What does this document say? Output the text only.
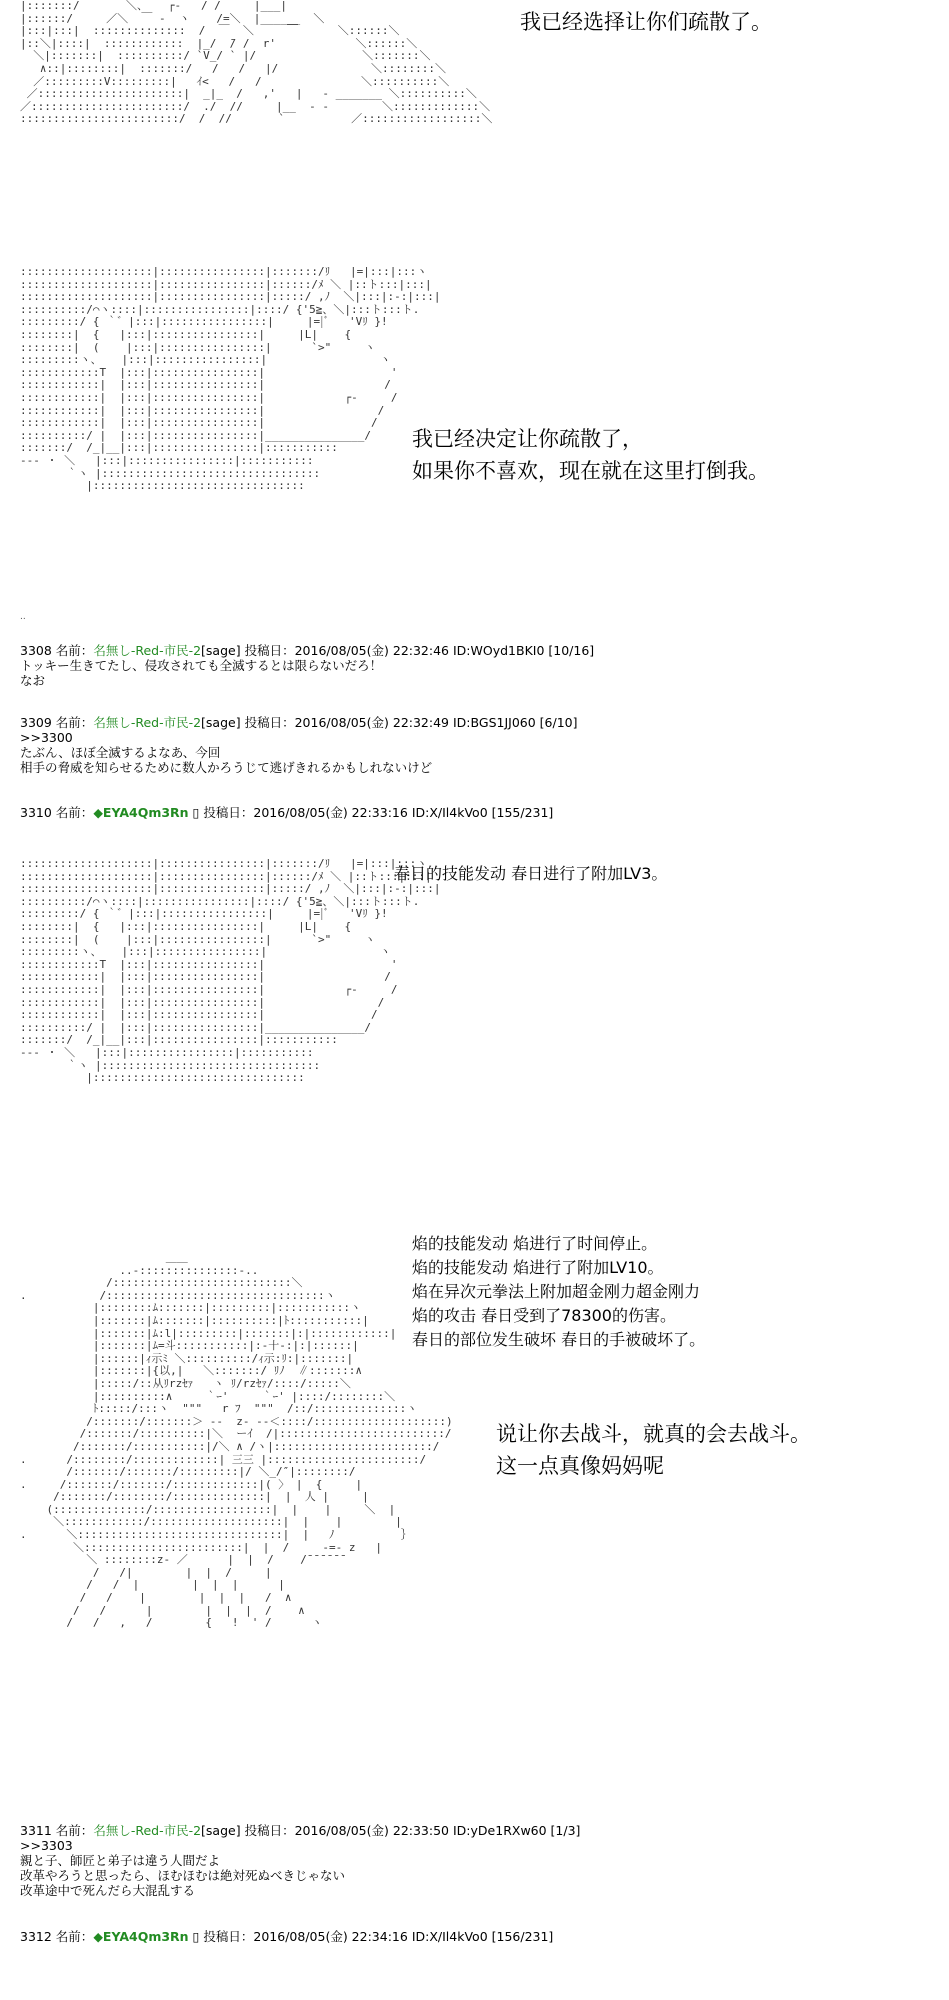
|:::::::/       ＼、   ┌‐   / /     |___|
|::::::/     ／＼  ￣ -  ヽ    /=＼  |______  ＼
|:::|:::|  ::::::::::::::  /  ￣  ＼     ￣      ＼::::::＼
|::＼|::::|  ::::::::::::  |_/  ̄/ /  r'            ＼::::::＼
＼|:::::::|  ::::::::::/ `V_/ ` |/                ＼:::::::＼
∧::|::::::::|  :::::::/   /   /   |/              ＼::::::::＼
／:::::::::V:::::::::|   ｲ<   /   /               ＼::::::::::＼
／::::::::::::::::::::::|  _|_  /   ,'   |   ‐ _______ ＼::::::::::＼
／:::::::::::::::::::::::/  ./  //     |__  ‐ ‐        ＼:::::::::::::＼
::::::::::::::::::::::::/  /  //       `          ／::::::::::::::::::＼
我已经选择让你们疏散了。
::::::::::::::::::::|::::::::::::::::|:::::::/ﾘ   |=|:::|:::ヽ
::::::::::::::::::::|::::::::::::::::|::::::/ﾒ ＼ |::ト:::|:::|
::::::::::::::::::::|::::::::::::::::|:::::/ ,ﾉ  ＼|:::|:-:|:::|
::::::::::/⌒ヽ::::|::::::::::::::::|::::/ {'5≧、＼|:::ト:::ト.
:::::::::/ { ｀゛|:::|::::::::::::::::|     |=|ﾞ   'Vﾘ }!
::::::::|  {   |:::|::::::::::::::::|     |L|    {
::::::::|  (    |:::|::::::::::::::::|      `>"     ヽ
:::::::::ヽ、   |:::|::::::::::::::::|                 ヽ
::::::::::::T  |:::|::::::::::::::::|                   '
::::::::::::|  |:::|::::::::::::::::|                  /
::::::::::::|  |:::|::::::::::::::::|            ┌-     /
::::::::::::|  |:::|::::::::::::::::|                 /
::::::::::::|  |:::|::::::::::::::::|                /
::::::::::/ |  |:::|::::::::::::::::|_______________/
:::::::/  /_|__|:::|::::::::::::::::|:::::::::::
‐‐‐ ・ ＼   |:::|::::::::::::::::|:::::::::::
｀ヽ |:::::::::::::::::::::::::::::::::
|::::::::::::::::::::::::::::::::
我已经决定让你疏散了，
如果你不喜欢，现在就在这里打倒我。
..
3308 名前：名無し-Red-市民-2[sage] 投稿日：2016/08/05(金) 22:32:46 ID:WOyd1BKI0 [10/16]
トッキー生きてたし、侵攻されても全滅するとは限らないだろ！
なお
3309 名前：名無し-Red-市民-2[sage] 投稿日：2016/08/05(金) 22:32:49 ID:BGS1JJ060 [6/10]
>>3300
たぶん、ほぼ全滅するよなあ、今回
相手の脅威を知らせるために数人かろうじて逃げきれるかもしれないけど
3310 名前：◆EYA4Qm3Rn ▯ 投稿日：2016/08/05(金) 22:33:16 ID:X/Il4kVo0 [155/231]
::::::::::::::::::::|::::::::::::::::|:::::::/ﾘ   |=|:::|:::ヽ
::::::::::::::::::::|::::::::::::::::|::::::/ﾒ ＼ |::ト:::|:::|
::::::::::::::::::::|::::::::::::::::|:::::/ ,ﾉ  ＼|:::|:-:|:::|
::::::::::/⌒ヽ::::|::::::::::::::::|::::/ {'5≧、＼|:::ト:::ト.
:::::::::/ { ｀゛|:::|::::::::::::::::|     |=|ﾞ   'Vﾘ }!
::::::::|  {   |:::|::::::::::::::::|     |L|    {
::::::::|  (    |:::|::::::::::::::::|      `>"     ヽ
:::::::::ヽ、   |:::|::::::::::::::::|                 ヽ
::::::::::::T  |:::|::::::::::::::::|                   '
::::::::::::|  |:::|::::::::::::::::|                  /
::::::::::::|  |:::|::::::::::::::::|            ┌-     /
::::::::::::|  |:::|::::::::::::::::|                 /
::::::::::::|  |:::|::::::::::::::::|                /
::::::::::/ |  |:::|::::::::::::::::|_______________/
:::::::/  /_|__|:::|::::::::::::::::|:::::::::::
‐‐‐ ・ ＼   |:::|::::::::::::::::|:::::::::::
｀ヽ |:::::::::::::::::::::::::::::::::
|::::::::::::::::::::::::::::::::
春日的技能发动 春日进行了附加LV3。
＿＿
..-:::::::::::::::-..
/:::::::::::::::::::::::::::＼
.           /:::::::::::::::::::::::::::::::::ヽ
|::::::::ﾑ:::::::|:::::::::|:::::::::::ヽ
|:::::::|ﾑ:::::::|::::::::::|ﾄ:::::::::::|
|:::::::|ﾑ:l|:::::::::|:::::::|:|::::::::::::|
|:::::::|ﾑ=斗:::::::::::|:-十-:|:|::::::|
|::::::|ｨ示ﾐ ＼::::::::::/ｨ示:ﾘ:|:::::::|
|:::::::|{以,|   ＼:::::::/ ﾘﾉ  ∥:::::::∧
|:::::/::从ﾘrzｾｧ   ヽ ﾘ/rzｾｧ/::::/:::::＼
|::::::::::∧     ｀ｰ'     ｀ｰ' |::::/::::::::＼
ﾄ:::::/:::ヽ  """   r ﾌ  """  /::/::::::::::::::ヽ
/:::::::/:::::::＞ ‐‐  z‐ ‐‐＜::::/::::::::::::::::::::)
/:::::::/::::::::::|＼  ーｲ  /|:::::::::::::::::::::::::/
/:::::::/:::::::::::|/＼ ∧ /ヽ|::::::::::::::::::::::::/
.      /::::::::/:::::::::::::| 三三 |:::::::::::::::::::::::/
/:::::::/:::::::/:::::::::|/ ＼_/″|::::::::/
.     /:::::::/:::::::/:::::::::::::|( 〉 |  {     |
/:::::::/::::::::/::::::::::::::|  |  人 |     |
(::::::::::::::/::::::::::::::::::|  |    |     ＼  |
＼::::::::::::/::::::::::::::::::::|  |    |        |
.      ＼:::::::::::::::::::::::::::::::|  |   ﾉ          ｝
＼::::::::::::::::::::::::|  |  /     ‐=- z   |
＼ ::::::::z‐ ／      |  |  /    /¯¯¯¯¯¯
/   /|        |  |  /     |
/   /  |        |  |  |      |
/   /    |        |  |  |   /  ∧
/   /      |        |  |  |  /    ∧
/   /   ,   /        {   !  ' /      ヽ
焰的技能发动 焰进行了时间停止。
焰的技能发动 焰进行了附加LV10。
焰在异次元拳法上附加超金刚力超金刚力
焰的攻击 春日受到了78300的伤害。
春日的部位发生破坏 春日的手被破坏了。
说让你去战斗，就真的会去战斗。
这一点真像妈妈呢
3311 名前：名無し-Red-市民-2[sage] 投稿日：2016/08/05(金) 22:33:50 ID:yDe1RXw60 [1/3]
>>3303
親と子、師匠と弟子は違う人間だよ
改革やろうと思ったら、ほむほむは絶対死ぬべきじゃない
改革途中で死んだら大混乱する
3312 名前：◆EYA4Qm3Rn ▯ 投稿日：2016/08/05(金) 22:34:16 ID:X/Il4kVo0 [156/231]
